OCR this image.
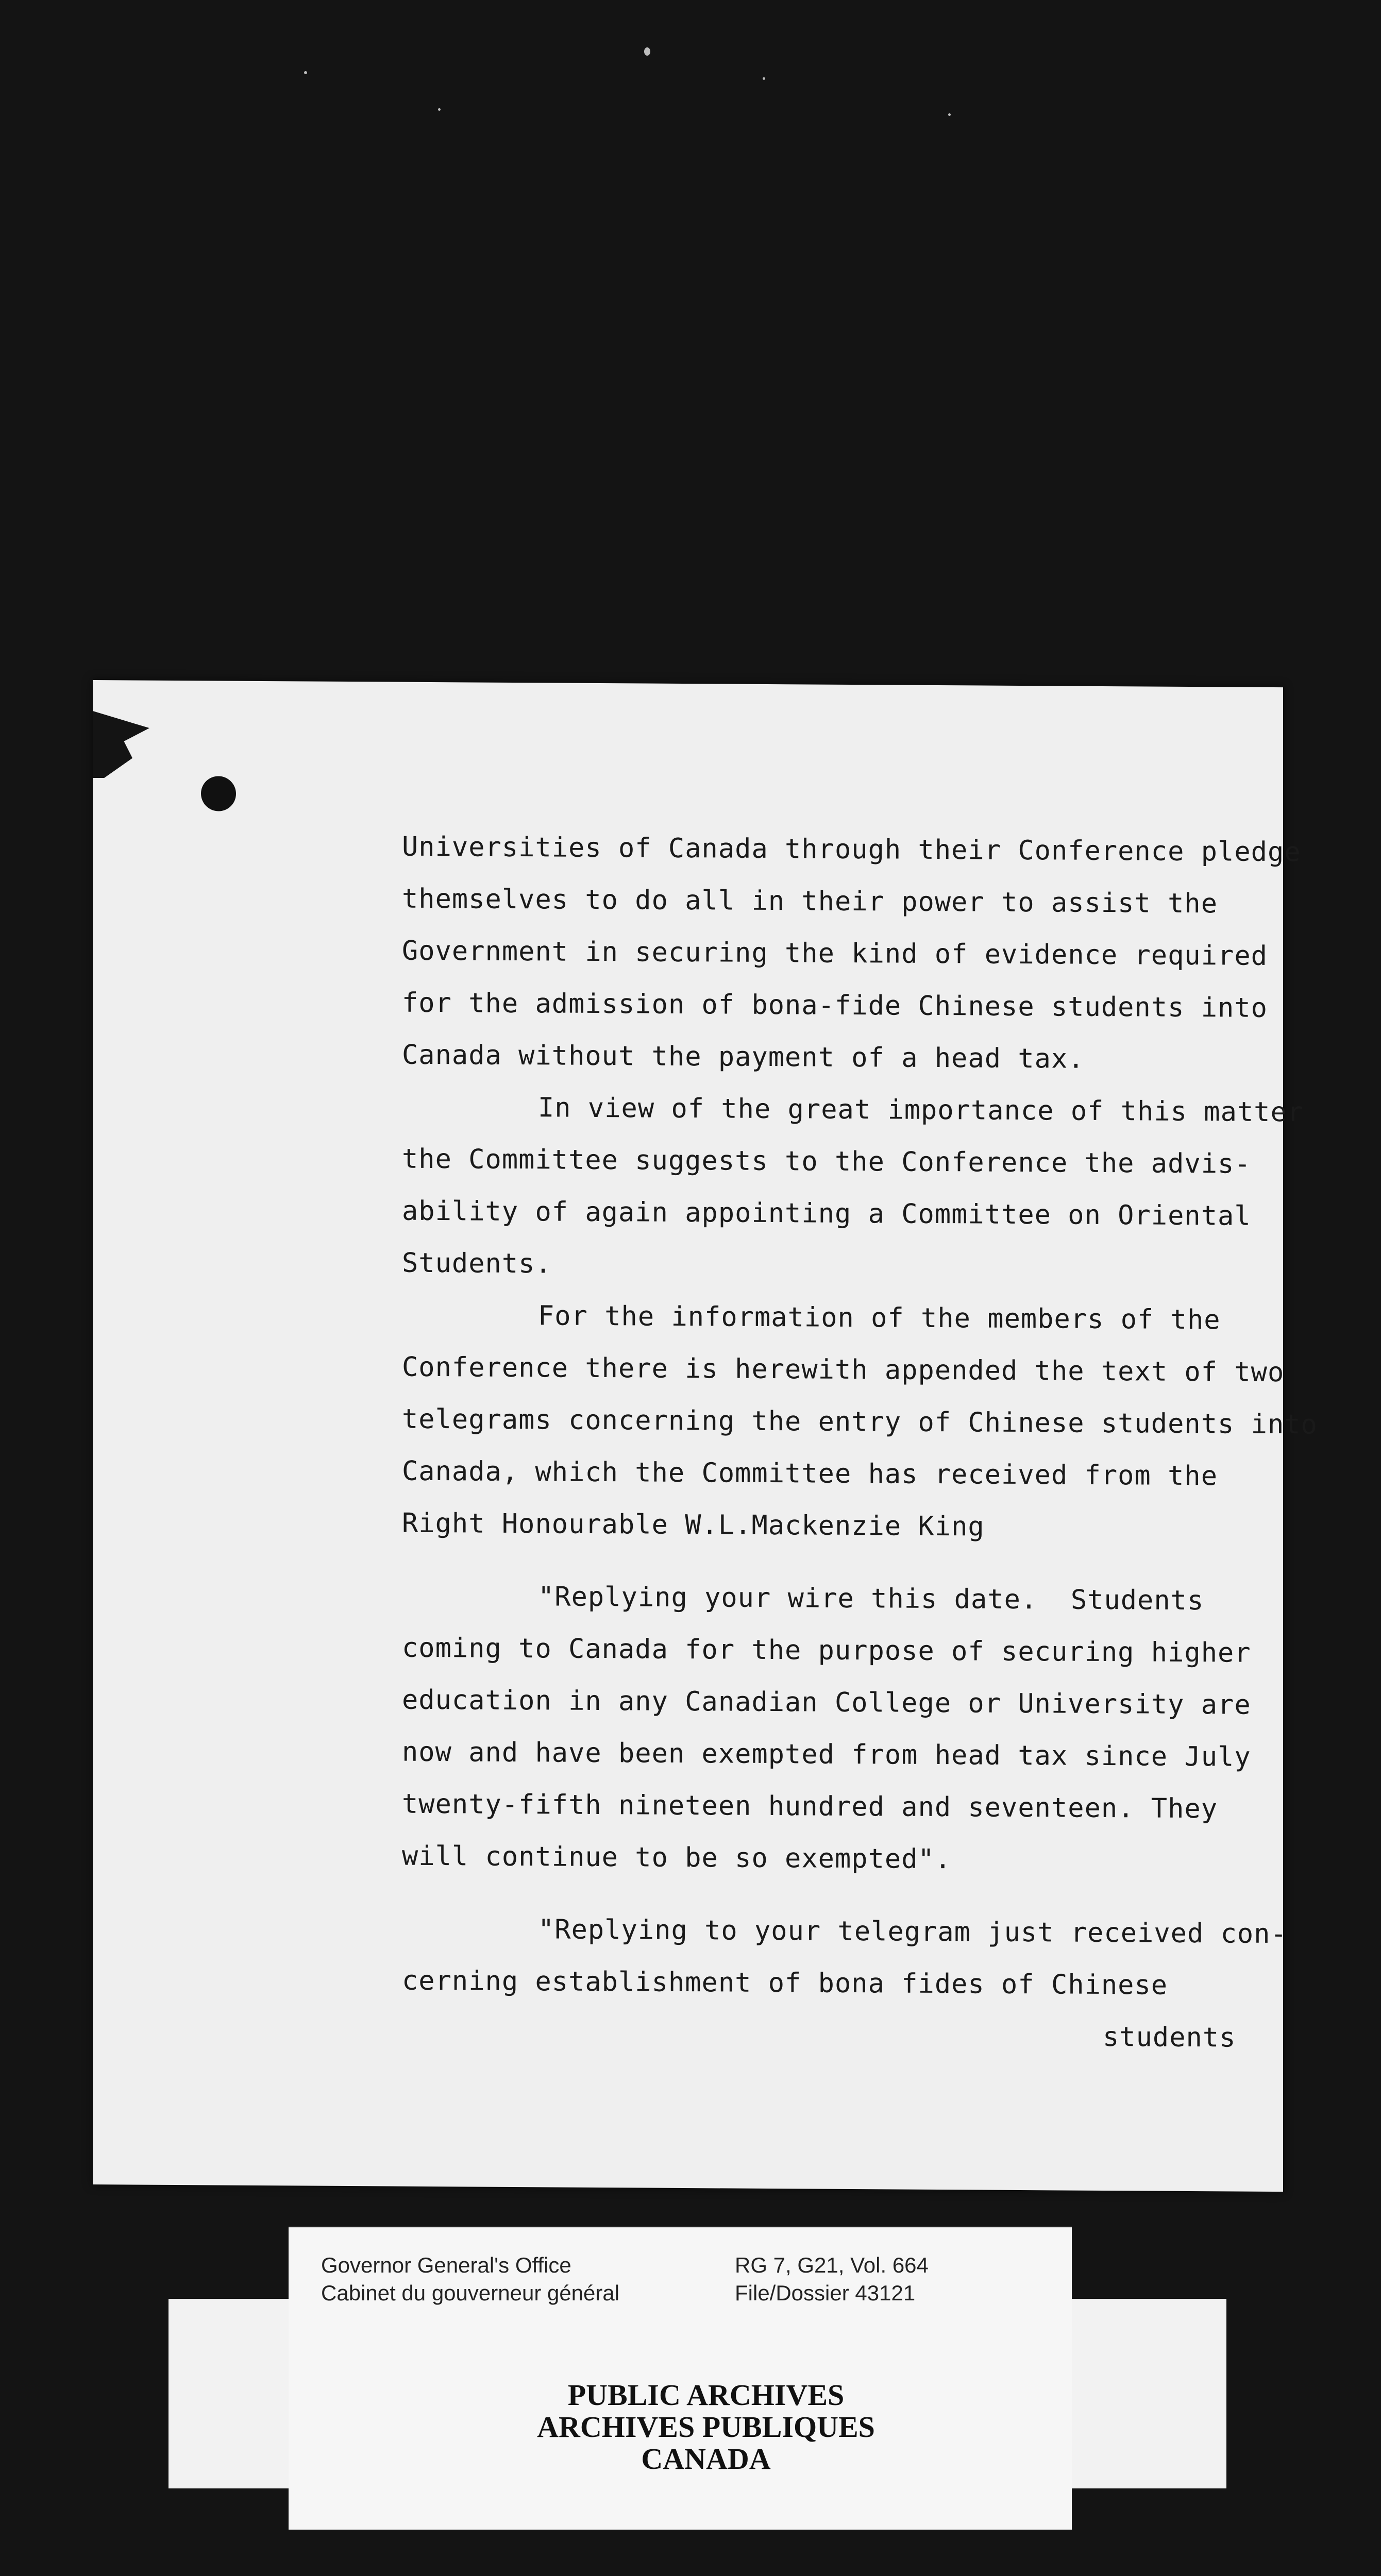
Universities of Canada through their Conference pledge
themselves to do all in their power to assist the
Government in securing the kind of evidence required
for the admission of bona-fide Chinese students into
Canada without the payment of a head tax.
In view of the great importance of this matter
the Committee suggests to the Conference the advis-
ability of again appointing a Committee on Oriental
Students.
For the information of the members of the
Conference there is herewith appended the text of two
telegrams concerning the entry of Chinese students into
Canada, which the Committee has received from the
Right Honourable W.L.Mackenzie King
"Replying your wire this date.  Students
coming to Canada for the purpose of securing higher
education in any Canadian College or University are
now and have been exempted from head tax since July
twenty-fifth nineteen hundred and seventeen. They
will continue to be so exempted".
"Replying to your telegram just received con-
cerning establishment of bona fides of Chinese
students
Governor General's Office
Cabinet du gouverneur général
RG 7, G21, Vol. 664
File/Dossier 43121
PUBLIC ARCHIVES
ARCHIVES PUBLIQUES
CANADA
